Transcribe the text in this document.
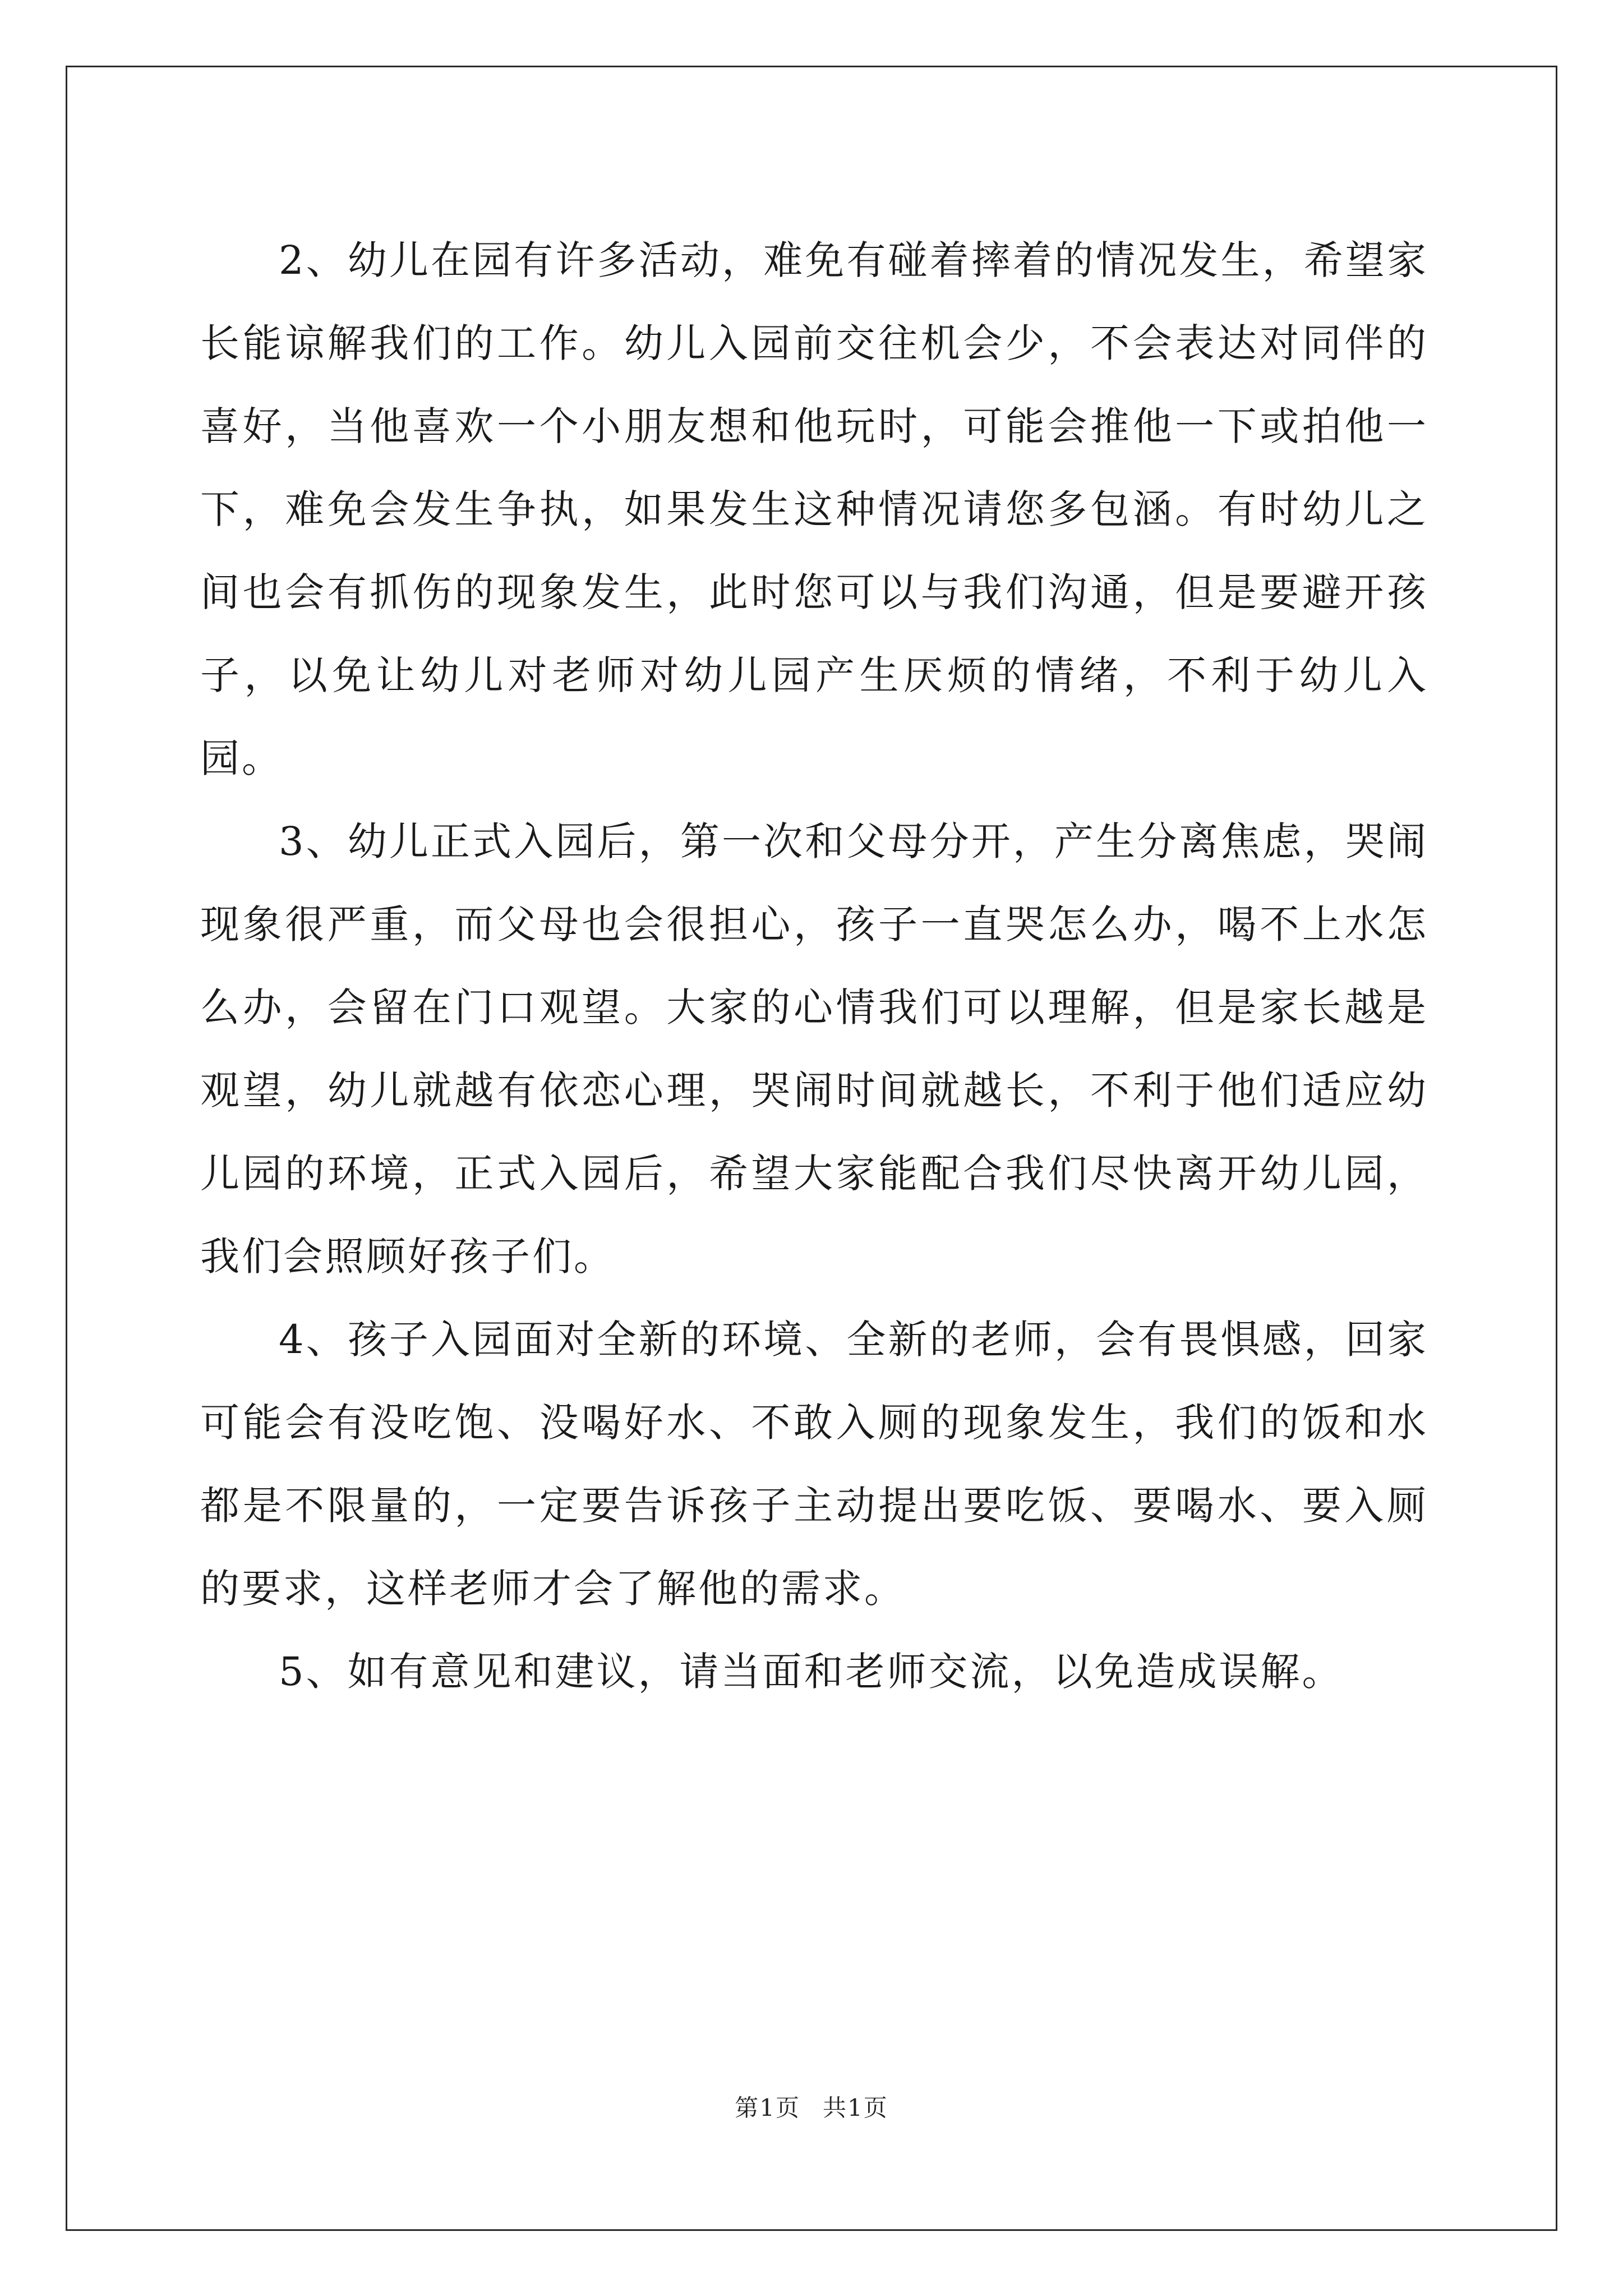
2、幼儿在园有许多活动，难免有碰着摔着的情况发生，希望家长能谅解我们的工作。幼儿入园前交往机会少，不会表达对同伴的喜好，当他喜欢一个小朋友想和他玩时，可能会推他一下或拍他一下，难免会发生争执，如果发生这种情况请您多包涵。有时幼儿之间也会有抓伤的现象发生，此时您可以与我们沟通，但是要避开孩子，以免让幼儿对老师对幼儿园产生厌烦的情绪，不利于幼儿入园。

3、幼儿正式入园后，第一次和父母分开，产生分离焦虑，哭闹现象很严重，而父母也会很担心，孩子一直哭怎么办，喝不上水怎么办，会留在门口观望。大家的心情我们可以理解，但是家长越是观望，幼儿就越有依恋心理，哭闹时间就越长，不利于他们适应幼儿园的环境，正式入园后，希望大家能配合我们尽快离开幼儿园，我们会照顾好孩子们。

4、孩子入园面对全新的环境、全新的老师，会有畏惧感，回家可能会有没吃饱、没喝好水、不敢入厕的现象发生，我们的饭和水都是不限量的，一定要告诉孩子主动提出要吃饭、要喝水、要入厕的要求，这样老师才会了解他的需求。

5、如有意见和建议，请当面和老师交流，以免造成误解。

第1页 共1页
